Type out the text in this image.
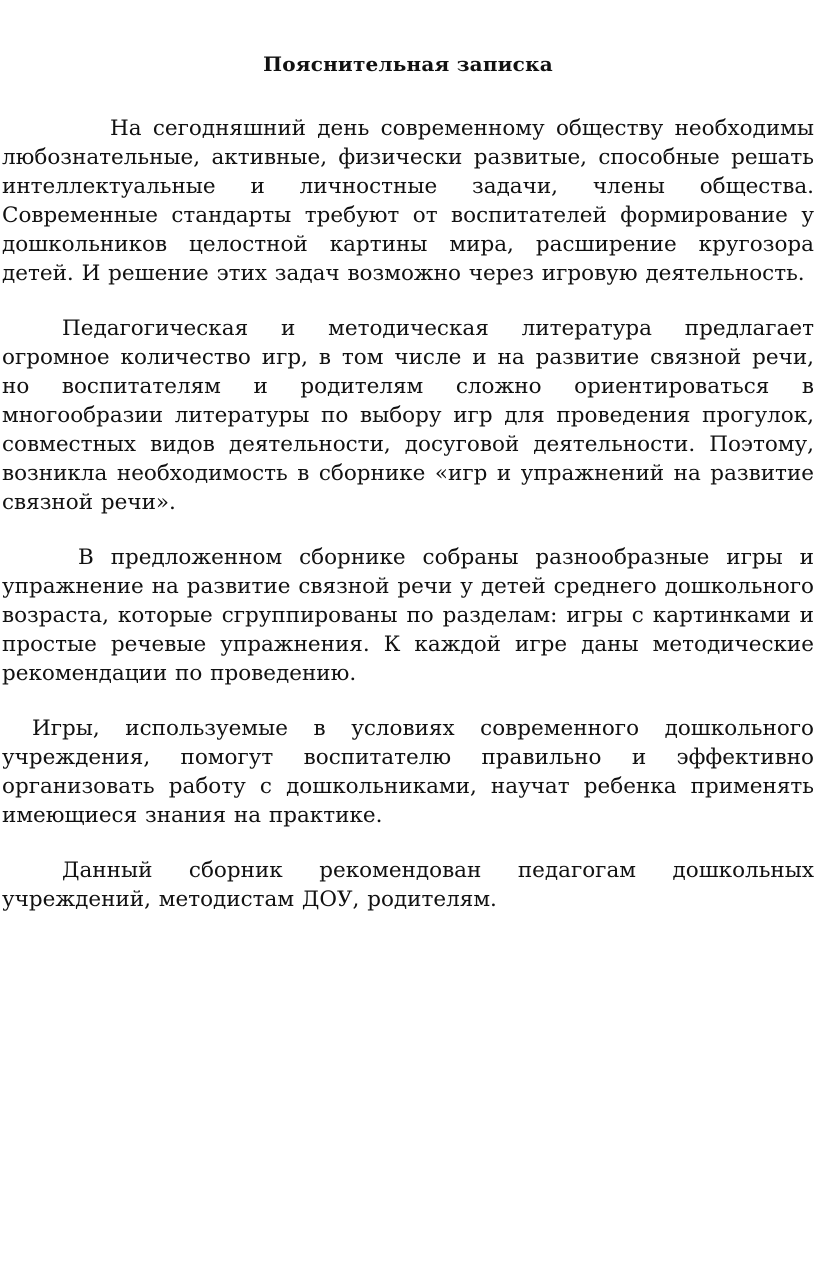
Пояснительная записка

На сегодняшний день современному обществу необходимы любознательные, активные, физически развитые, способные решать интеллектуальные и личностные задачи, члены общества. Современные стандарты требуют от воспитателей формирование у дошкольников целостной картины мира, расширение кругозора детей. И решение этих задач возможно через игровую деятельность.

Педагогическая и методическая литература предлагает огромное количество игр, в том числе и на развитие связной речи, но воспитателям и родителям сложно ориентироваться в многообразии литературы по выбору игр для проведения прогулок, совместных видов деятельности, досуговой деятельности. Поэтому, возникла необходимость в сборнике «игр и упражнений на развитие связной речи».

В предложенном сборнике собраны разнообразные игры и упражнение на развитие связной речи у детей среднего дошкольного возраста, которые сгруппированы по разделам: игры с картинками и простые речевые упражнения. К каждой игре даны методические рекомендации по проведению.

Игры, используемые в условиях современного дошкольного учреждения, помогут воспитателю правильно и эффективно организовать работу с дошкольниками, научат ребенка применять имеющиеся знания на практике.

Данный сборник рекомендован педагогам дошкольных учреждений, методистам ДОУ, родителям.
